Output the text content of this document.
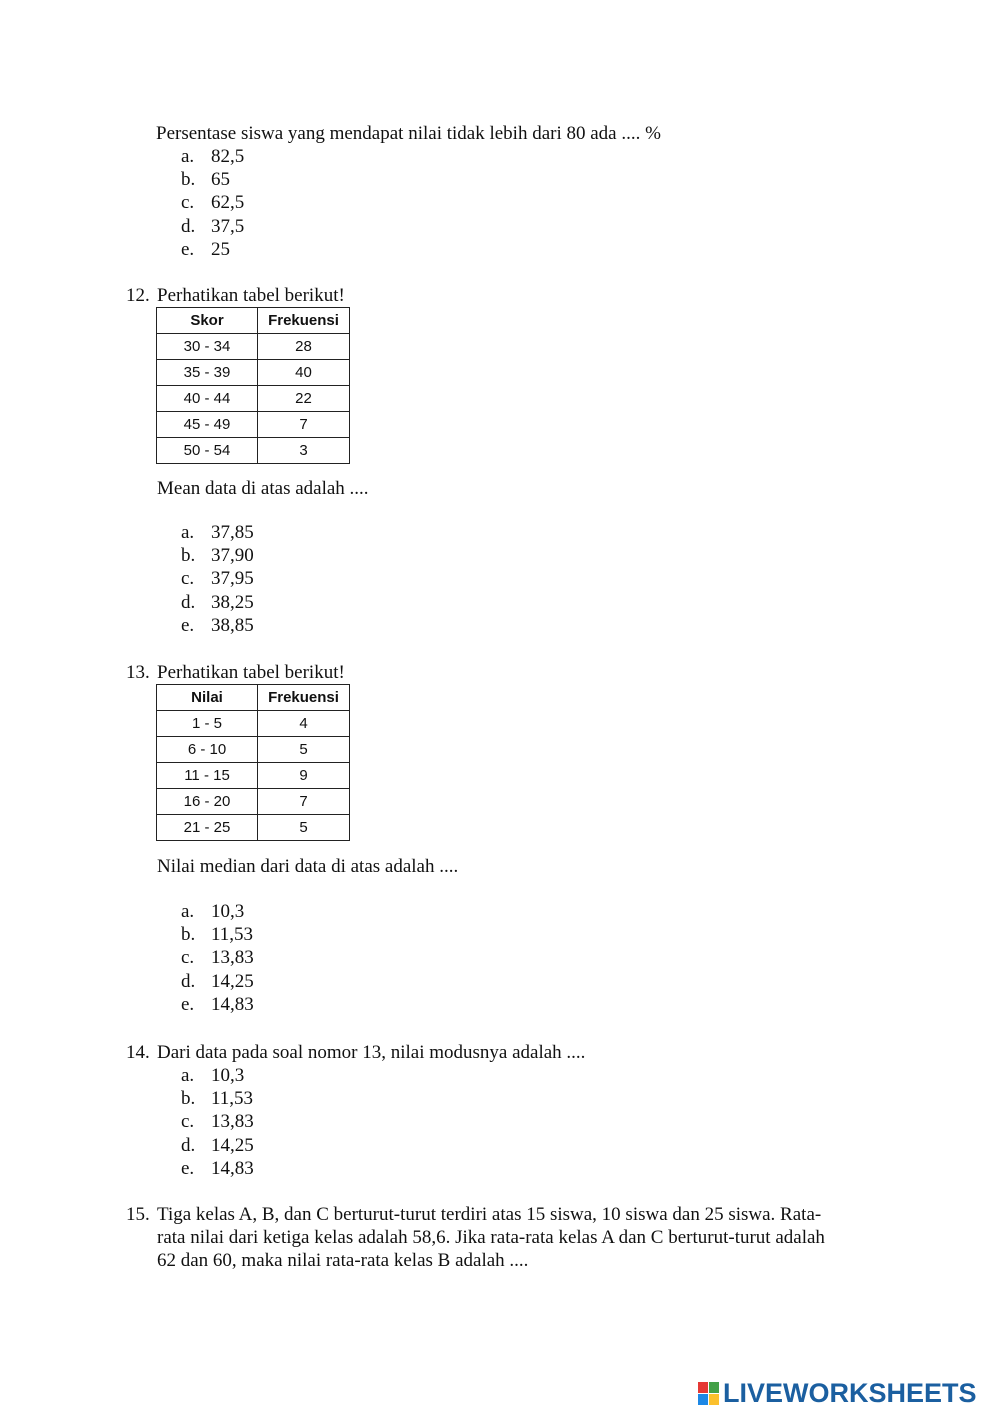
Persentase siswa yang mendapat nilai tidak lebih dari 80 ada .... %
a. 82,5
b. 65
c. 62,5
d. 37,5
e. 25
12. Perhatikan tabel berikut!
Skor	Frekuensi
30 - 34	28
35 - 39	40
40 - 44	22
45 - 49	7
50 - 54	3
Mean data di atas adalah ....
a. 37,85
b. 37,90
c. 37,95
d. 38,25
e. 38,85
13. Perhatikan tabel berikut!
Nilai	Frekuensi
1 - 5	4
6 - 10	5
11 - 15	9
16 - 20	7
21 - 25	5
Nilai median dari data di atas adalah ....
a. 10,3
b. 11,53
c. 13,83
d. 14,25
e. 14,83
14. Dari data pada soal nomor 13, nilai modusnya adalah ....
a. 10,3
b. 11,53
c. 13,83
d. 14,25
e. 14,83
15. Tiga kelas A, B, dan C berturut-turut terdiri atas 15 siswa, 10 siswa dan 25 siswa. Rata-
rata nilai dari ketiga kelas adalah 58,6. Jika rata-rata kelas A dan C berturut-turut adalah
62 dan 60, maka nilai rata-rata kelas B adalah ....
LIVEWORKSHEETS
